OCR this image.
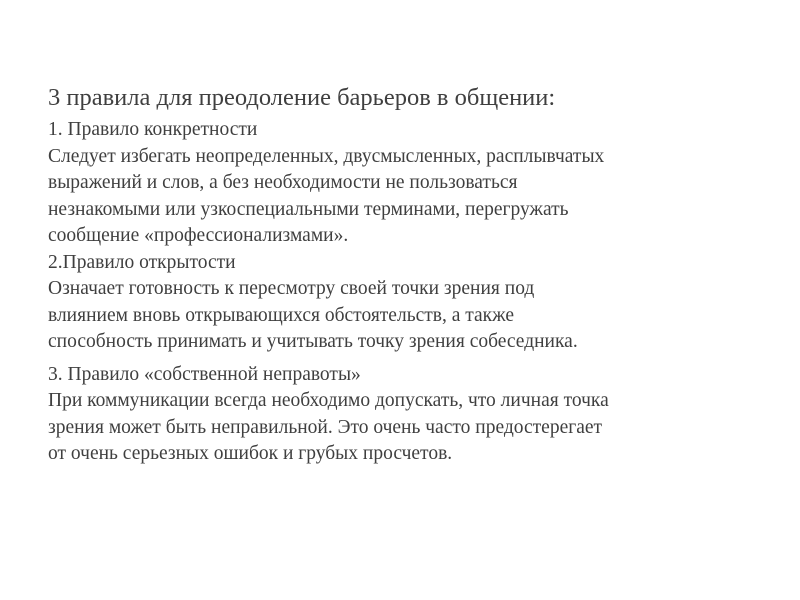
3 правила для преодоление барьеров в общении:
1. Правило конкретности
Следует избегать неопределенных, двусмысленных, расплывчатых
выражений и слов, а без необходимости не пользоваться
незнакомыми или узкоспециальными терминами, перегружать
сообщение «профессионализмами».
2.Правило открытости
Означает готовность к пересмотру своей точки зрения под
влиянием вновь открывающихся обстоятельств, а также
способность принимать и учитывать точку зрения собеседника.
3. Правило «собственной неправоты»
При коммуникации всегда необходимо допускать, что личная точка
зрения может быть неправильной. Это очень часто предостерегает
от очень серьезных ошибок и грубых просчетов.
